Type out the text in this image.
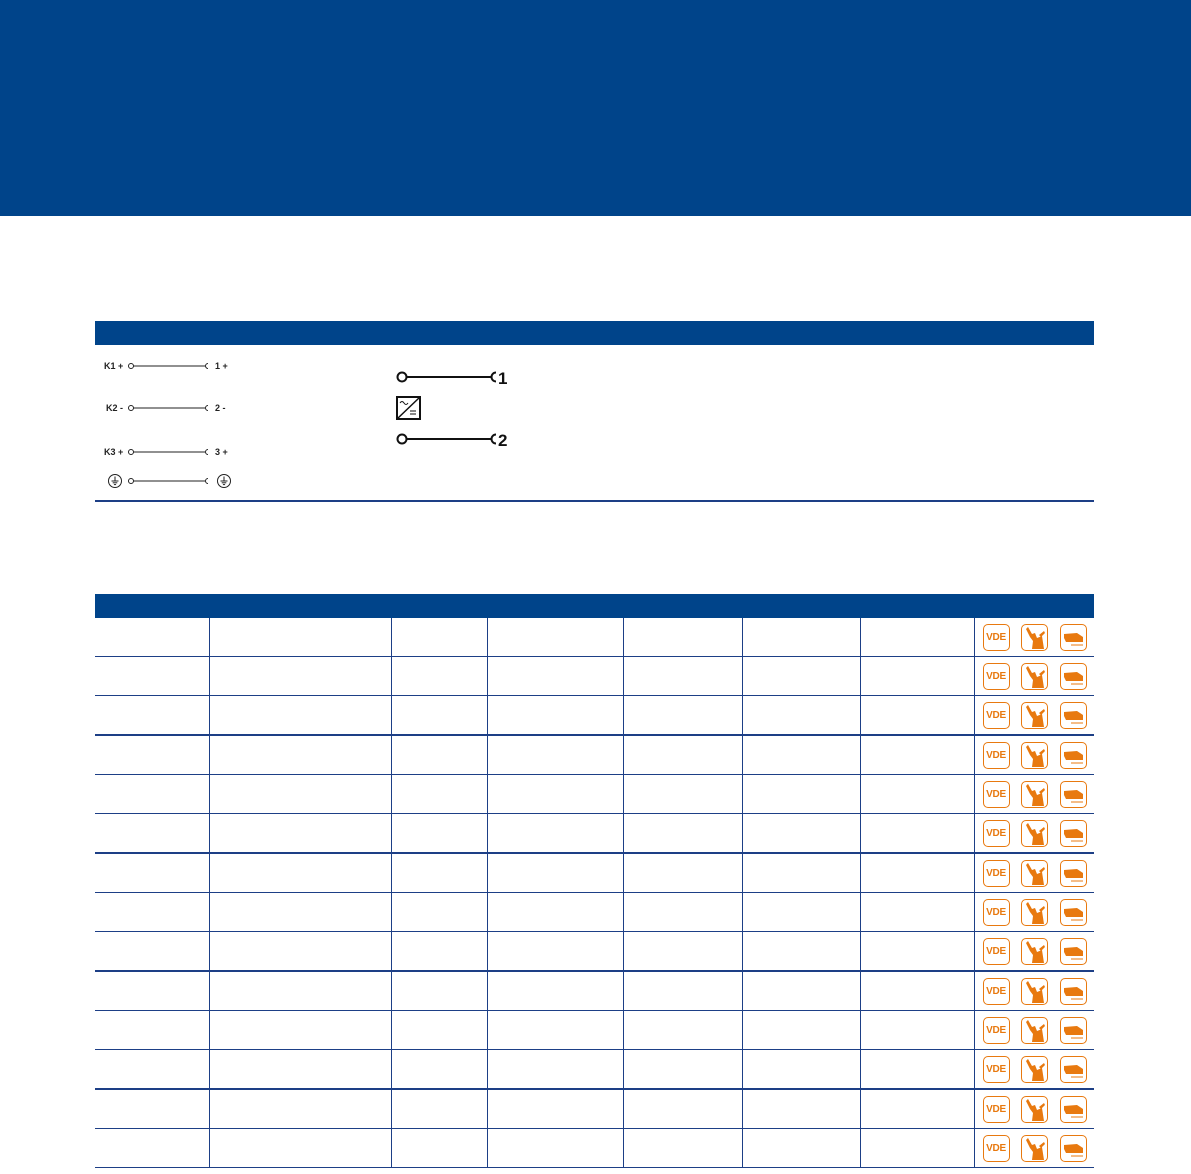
K1 +	1 +
K2 -	2 -
K3 +	3 +
1
2

							VDE

							VDE

							VDE

							VDE

							VDE

							VDE

							VDE

							VDE

							VDE

							VDE

							VDE

							VDE

							VDE

							VDE
